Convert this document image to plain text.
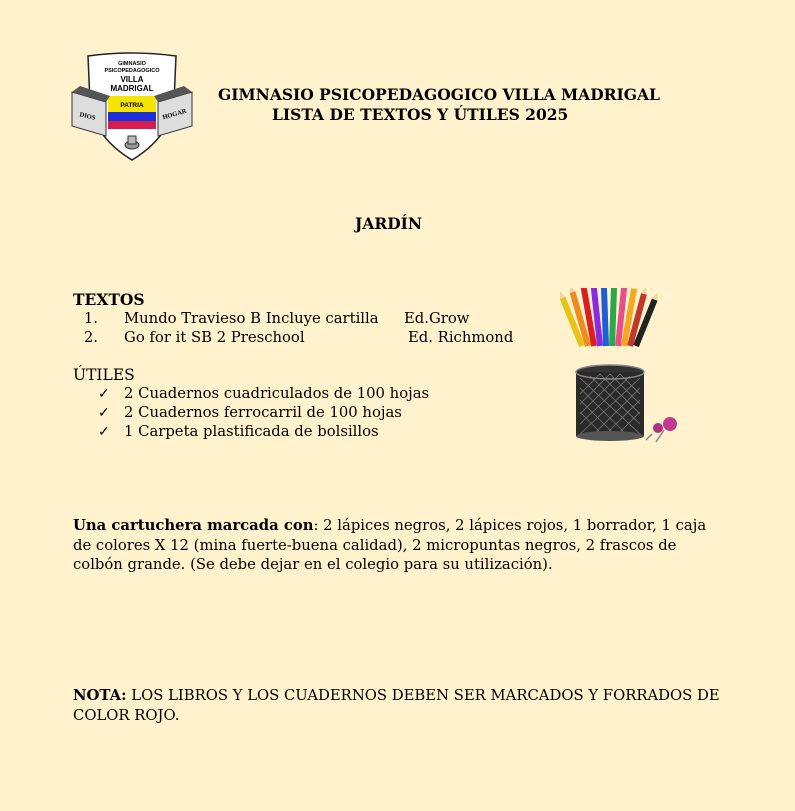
GIMNASIO
PSICOPEDAGOGICO
VILLA
MADRIGAL
PATRIA
DIOS	HOGAR
GIMNASIO PSICOPEDAGOGICO VILLA MADRIGAL
LISTA DE TEXTOS Y ÚTILES 2025
JARDÍN
TEXTOS
1. Mundo Travieso B Incluye cartilla Ed.Grow
2. Go for it SB 2 Preschool	Ed. Richmond
ÚTILES
✓ 2 Cuadernos cuadriculados de 100 hojas
✓ 2 Cuadernos ferrocarril de 100 hojas
✓ 1 Carpeta plastificada de bolsillos
Una cartuchera marcada con: 2 lápices negros, 2 lápices rojos, 1 borrador, 1 caja de colores X 12 (mina fuerte-buena calidad), 2 micropuntas negros, 2 frascos de colbón grande. (Se debe dejar en el colegio para su utilización).
NOTA: LOS LIBROS Y LOS CUADERNOS DEBEN SER MARCADOS Y FORRADOS DE COLOR ROJO.
